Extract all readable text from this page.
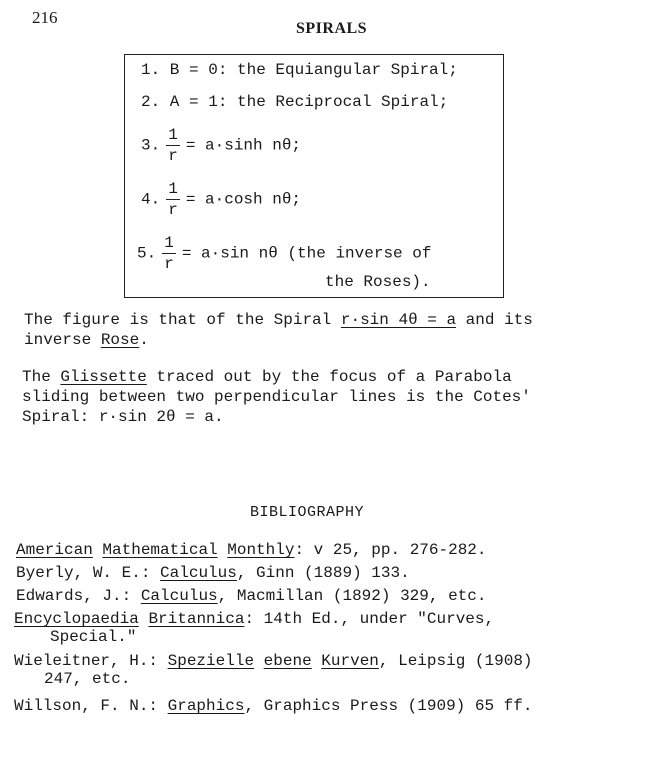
216
SPIRALS
1. B = 0: the Equiangular Spiral;
2. A = 1: the Reciprocal Spiral;
3. $\frac{1}{r} = a\cdot\sinh$ nθ;
4. $\frac{1}{r} = a\cdot\cosh$ nθ;
5. $\frac{1}{r} = a\cdot\sin$ nθ (the inverse of
the Roses).
The figure is that of the Spiral r·sin 4θ = a and its
inverse Rose.
The Glissette traced out by the focus of a Parabola
sliding between two perpendicular lines is the Cotes'
Spiral: r·sin 2θ = a.
BIBLIOGRAPHY
American Mathematical Monthly: v 25, pp. 276-282.
Byerly, W. E.: Calculus, Ginn (1889) 133.
Edwards, J.: Calculus, Macmillan (1892) 329, etc.
Encyclopaedia Britannica: 14th Ed., under "Curves,
Special."
Wieleitner, H.: Spezielle ebene Kurven, Leipsig (1908)
247, etc.
Willson, F. N.: Graphics, Graphics Press (1909) 65 ff.
